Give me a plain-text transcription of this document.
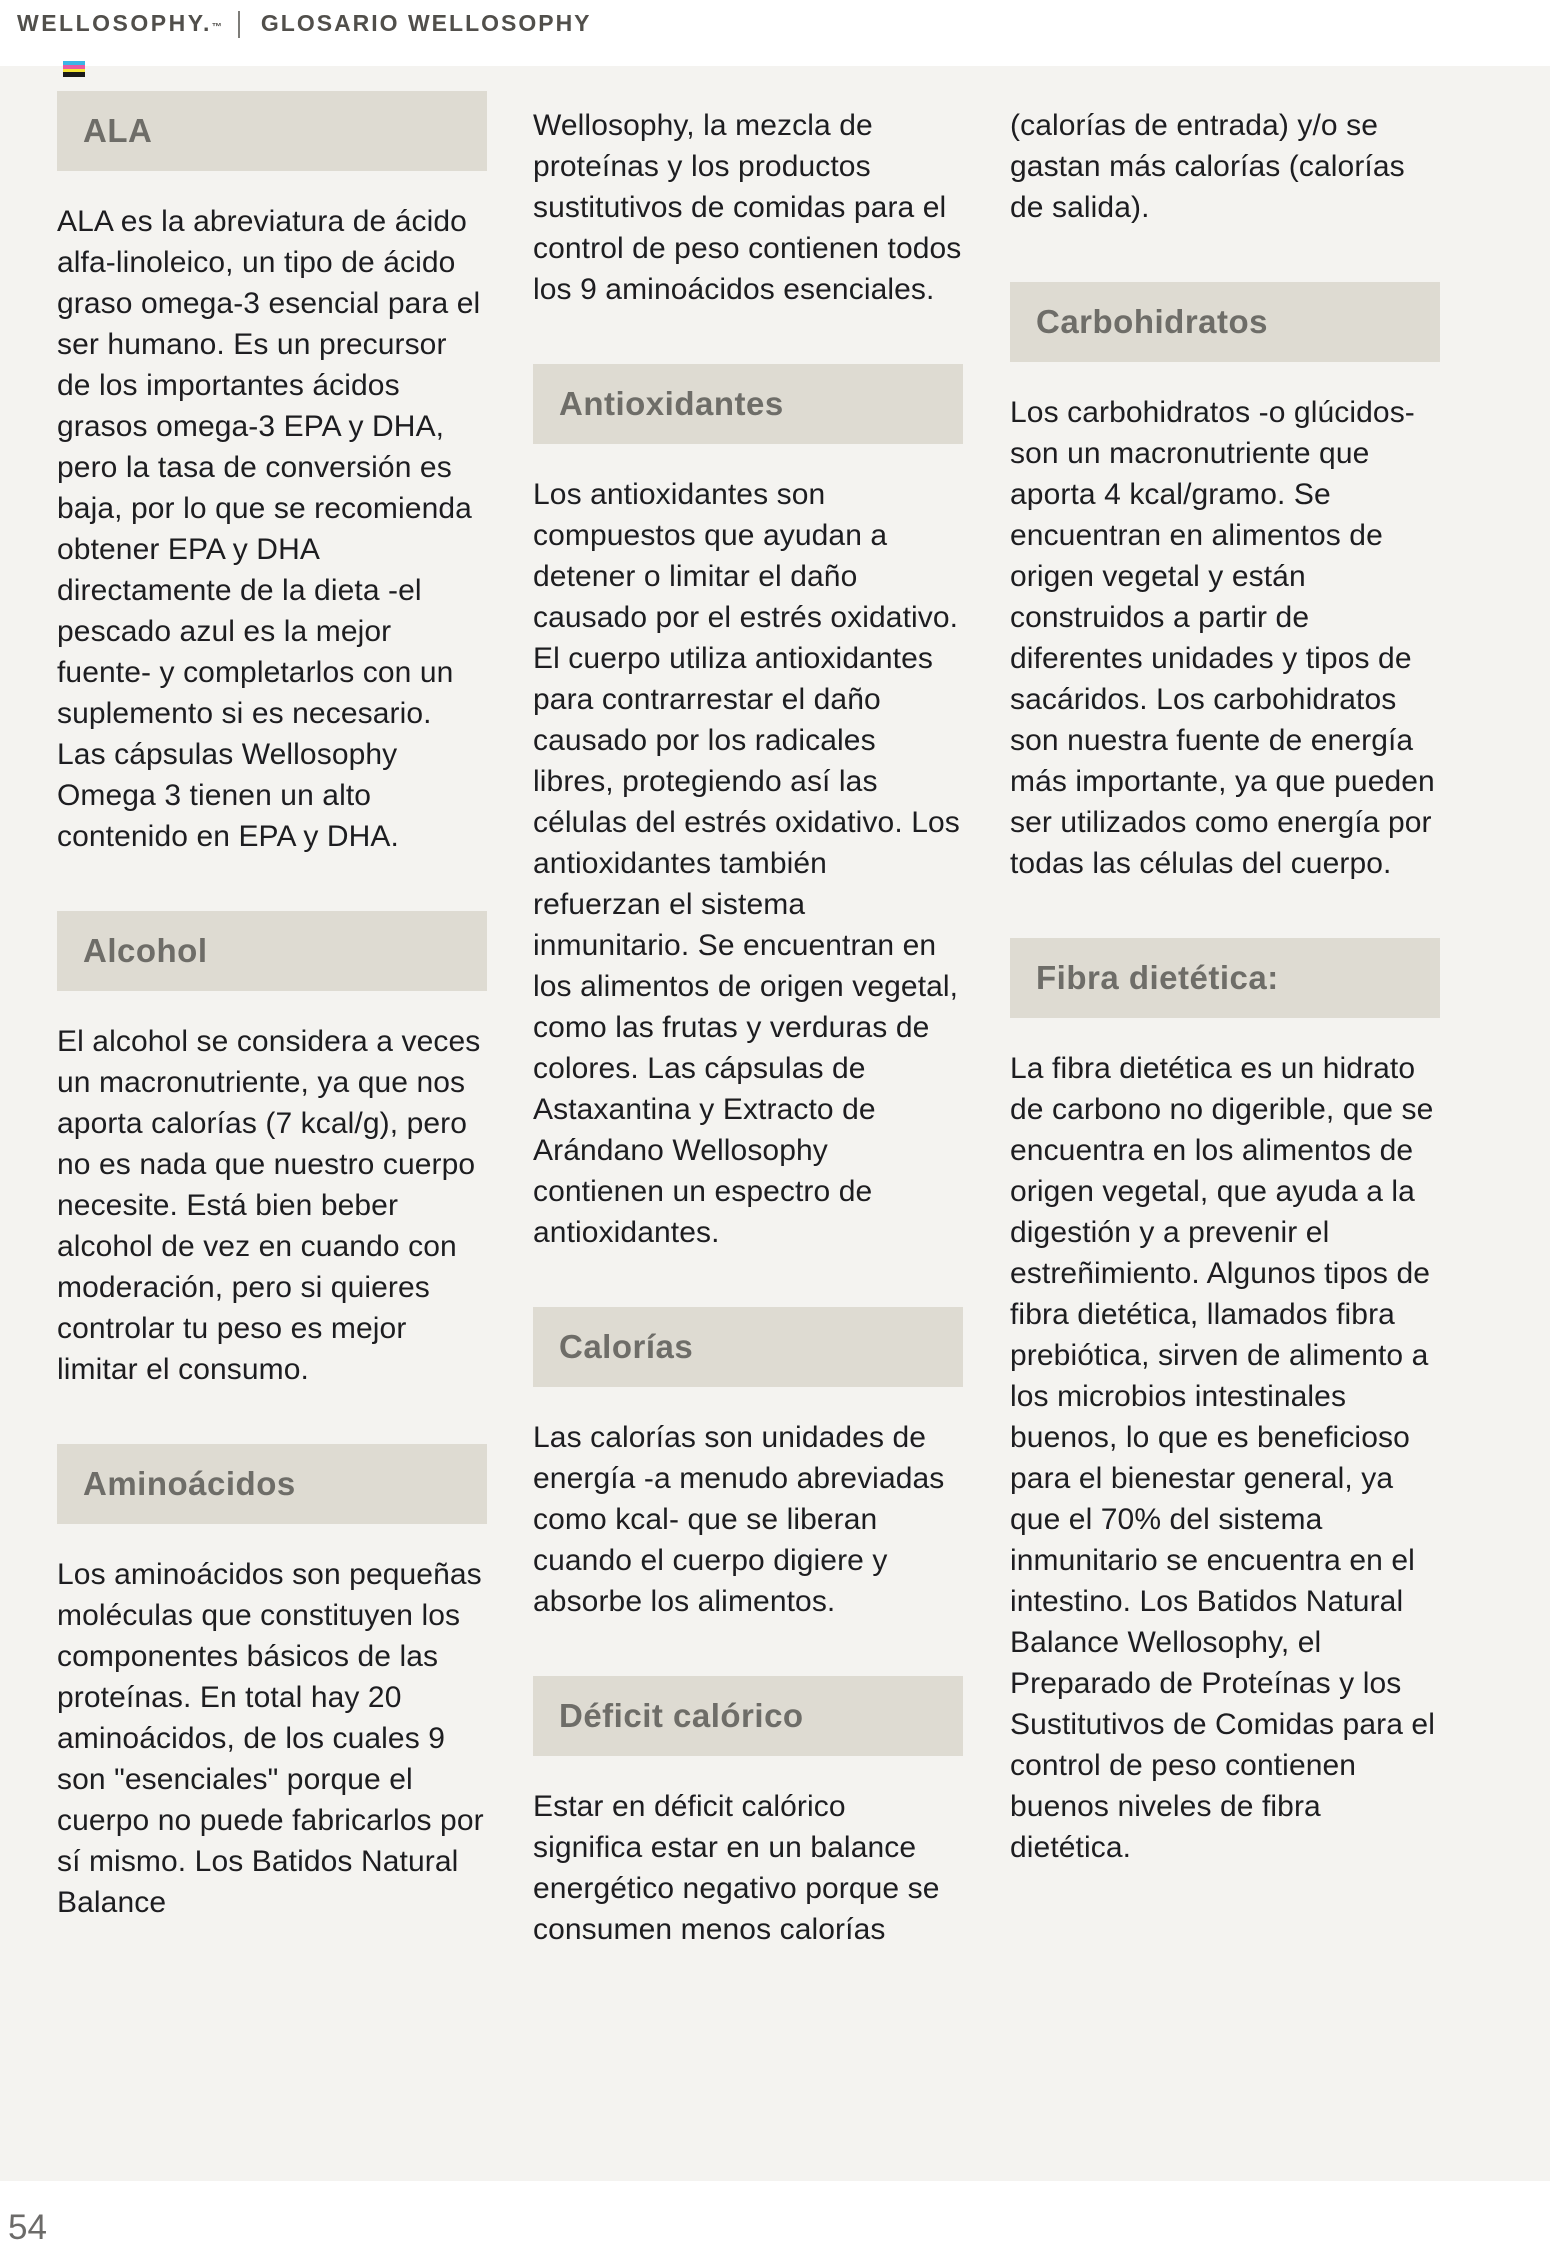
WELLOSOPHY.™ GLOSARIO WELLOSOPHY
ALA

ALA es la abreviatura de ácido alfa-linoleico, un tipo de ácido graso omega-3 esencial para el ser humano. Es un precursor de los importantes ácidos grasos omega-3 EPA y DHA, pero la tasa de conversión es baja, por lo que se recomienda obtener EPA y DHA directamente de la dieta -el pescado azul es la mejor fuente- y completarlos con un suplemento si es necesario. Las cápsulas Wellosophy Omega 3 tienen un alto contenido en EPA y DHA.

Alcohol

El alcohol se considera a veces un macronutriente, ya que nos aporta calorías (7 kcal/g), pero no es nada que nuestro cuerpo necesite. Está bien beber alcohol de vez en cuando con moderación, pero si quieres controlar tu peso es mejor limitar el consumo.

Aminoácidos

Los aminoácidos son pequeñas moléculas que constituyen los componentes básicos de las proteínas. En total hay 20 aminoácidos, de los cuales 9 son "esenciales" porque el cuerpo no puede fabricarlos por sí mismo. Los Batidos Natural Balance

Wellosophy, la mezcla de proteínas y los productos sustitutivos de comidas para el control de peso contienen todos los 9 aminoácidos esenciales.

Antioxidantes

Los antioxidantes son compuestos que ayudan a detener o limitar el daño causado por el estrés oxidativo. El cuerpo utiliza antioxidantes para contrarrestar el daño causado por los radicales libres, protegiendo así las células del estrés oxidativo. Los antioxidantes también refuerzan el sistema inmunitario. Se encuentran en los alimentos de origen vegetal, como las frutas y verduras de colores. Las cápsulas de Astaxantina y Extracto de Arándano Wellosophy contienen un espectro de antioxidantes.

Calorías

Las calorías son unidades de energía -a menudo abreviadas como kcal- que se liberan cuando el cuerpo digiere y absorbe los alimentos.

Déficit calórico

Estar en déficit calórico significa estar en un balance energético negativo porque se consumen menos calorías

(calorías de entrada) y/o se gastan más calorías (calorías de salida).

Carbohidratos

Los carbohidratos -o glúcidos- son un macronutriente que aporta 4 kcal/gramo. Se encuentran en alimentos de origen vegetal y están construidos a partir de diferentes unidades y tipos de sacáridos. Los carbohidratos son nuestra fuente de energía más importante, ya que pueden ser utilizados como energía por todas las células del cuerpo.

Fibra dietética:

La fibra dietética es un hidrato de carbono no digerible, que se encuentra en los alimentos de origen vegetal, que ayuda a la digestión y a prevenir el estreñimiento. Algunos tipos de fibra dietética, llamados fibra prebiótica, sirven de alimento a los microbios intestinales buenos, lo que es beneficioso para el bienestar general, ya que el 70% del sistema inmunitario se encuentra en el intestino. Los Batidos Natural Balance Wellosophy, el Preparado de Proteínas y los Sustitutivos de Comidas para el control de peso contienen buenos niveles de fibra dietética.

54
